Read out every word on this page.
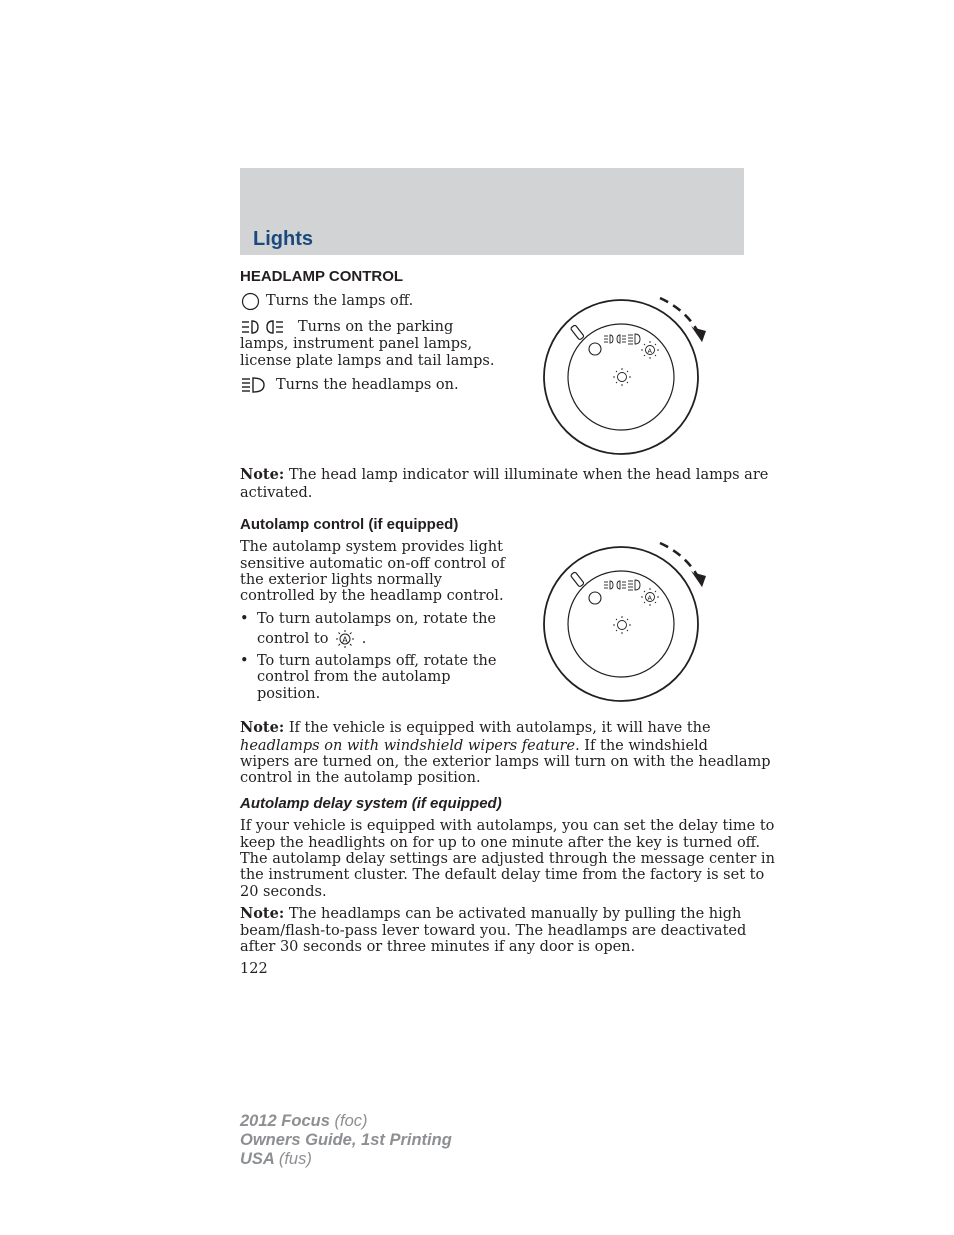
Lights
HEADLAMP CONTROL
Turns the lamps off.
Turns on the parking
lamps, instrument panel lamps,
license plate lamps and tail lamps.
Turns the headlamps on.
A
Note: The head lamp indicator will illuminate when the head lamps are
activated.
Autolamp control (if equipped)
The autolamp system provides light
sensitive automatic on-off control of
the exterior lights normally
controlled by the headlamp control.
• To turn autolamps on, rotate the
control to A .
• To turn autolamps off, rotate the
control from the autolamp
position.
A
Note: If the vehicle is equipped with autolamps, it will have the
headlamps on with windshield wipers feature. If the windshield
wipers are turned on, the exterior lamps will turn on with the headlamp
control in the autolamp position.
Autolamp delay system (if equipped)
If your vehicle is equipped with autolamps, you can set the delay time to
keep the headlights on for up to one minute after the key is turned off.
The autolamp delay settings are adjusted through the message center in
the instrument cluster. The default delay time from the factory is set to
20 seconds.
Note: The headlamps can be activated manually by pulling the high
beam/flash-to-pass lever toward you. The headlamps are deactivated
after 30 seconds or three minutes if any door is open.
122
2012 Focus (foc)
Owners Guide, 1st Printing
USA (fus)
